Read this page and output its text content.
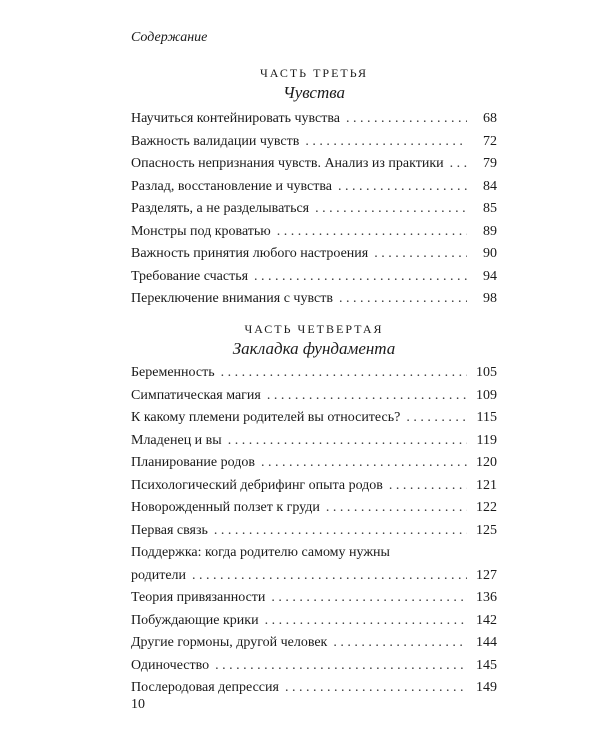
Содержание
ЧАСТЬ ТРЕТЬЯ
Чувства
Научиться контейнировать чувства . . .	68
Важность валидации чувств . . .	72
Опасность непризнания чувств. Анализ из практики . . .	79
Разлад, восстановление и чувства . . .	84
Разделять, а не разделываться . . .	85
Монстры под кроватью . . .	89
Важность принятия любого настроения . . .	90
Требование счастья . . .	94
Переключение внимания с чувств . . .	98
ЧАСТЬ ЧЕТВЕРТАЯ
Закладка фундамента
Беременность . . .	105
Симпатическая магия . . .	109
К какому племени родителей вы относитесь? . . .	115
Младенец и вы . . .	119
Планирование родов . . .	120
Психологический дебрифинг опыта родов . . .	121
Новорожденный ползет к груди . . .	122
Первая связь . . .	125
Поддержка: когда родителю самому нужны
родители . . .	127
Теория привязанности . . .	136
Побуждающие крики . . .	142
Другие гормоны, другой человек . . .	144
Одиночество . . .	145
Послеродовая депрессия . . .	149
10
